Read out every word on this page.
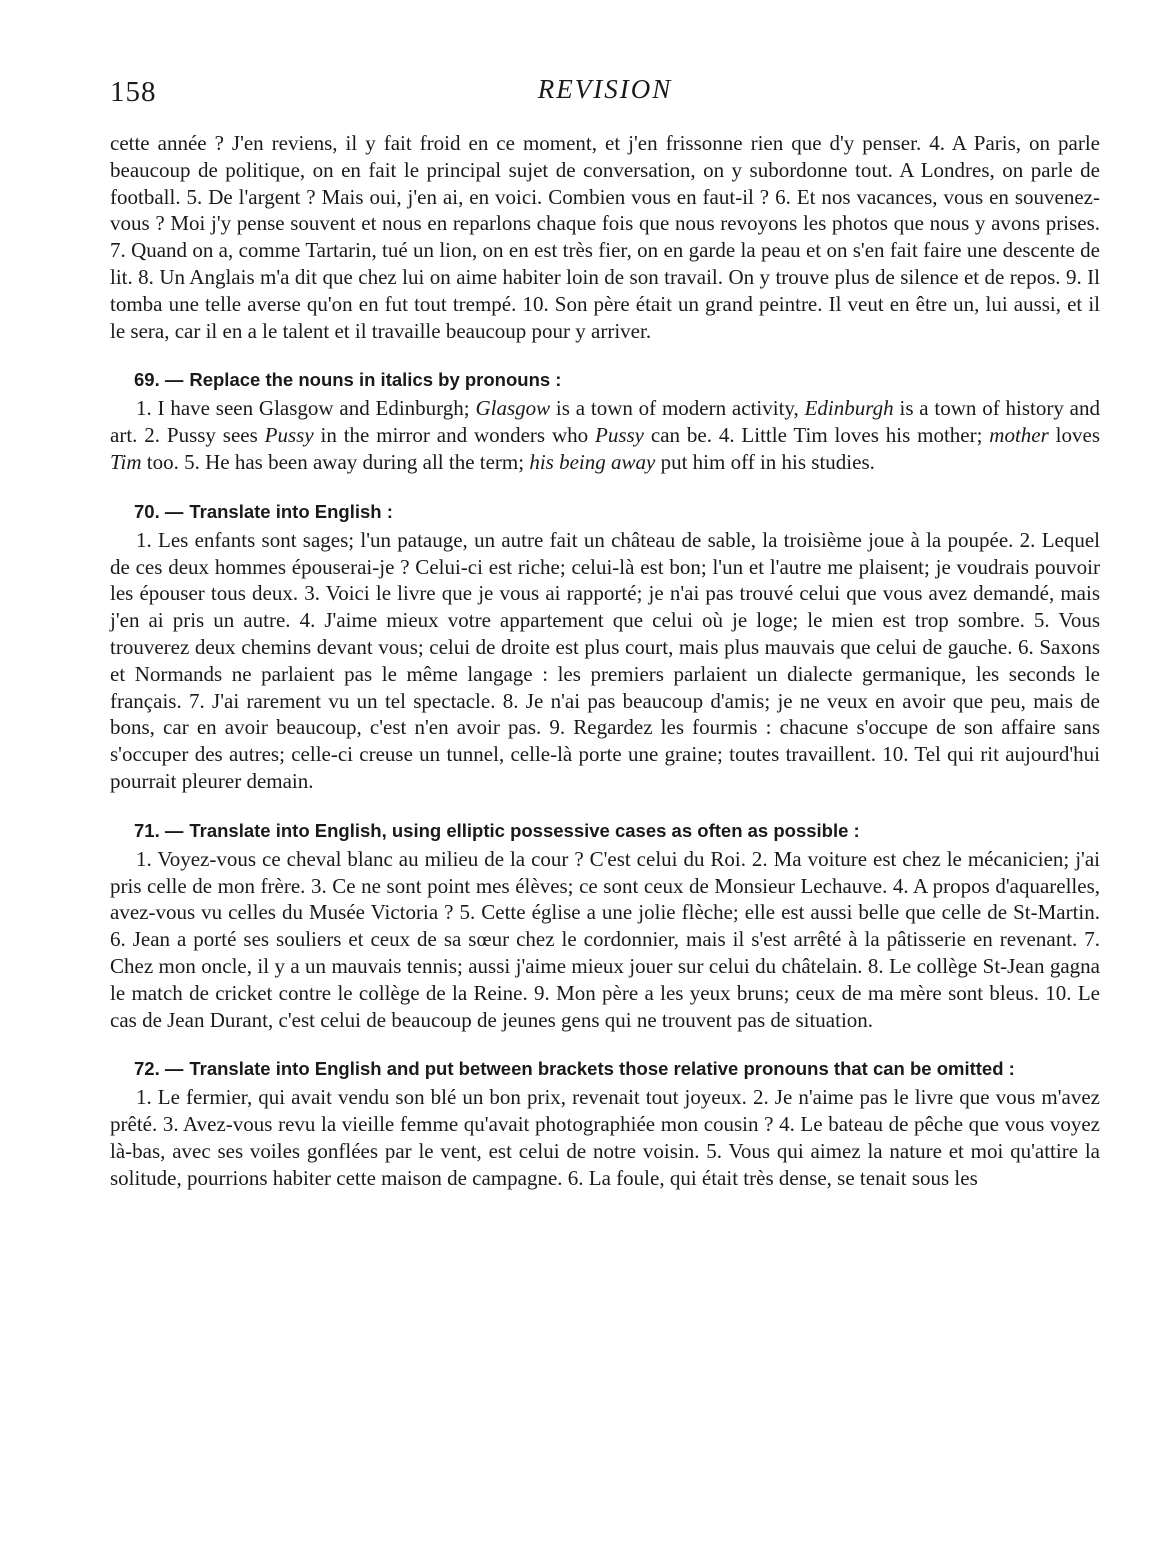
158	REVISION

cette année ? J'en reviens, il y fait froid en ce moment, et j'en frissonne rien que d'y penser. 4. A Paris, on parle beaucoup de politique, on en fait le principal sujet de conversation, on y subordonne tout. A Londres, on parle de football. 5. De l'argent ? Mais oui, j'en ai, en voici. Combien vous en faut-il ? 6. Et nos vacances, vous en souvenez-vous ? Moi j'y pense souvent et nous en reparlons chaque fois que nous revoyons les photos que nous y avons prises. 7. Quand on a, comme Tartarin, tué un lion, on en est très fier, on en garde la peau et on s'en fait faire une descente de lit. 8. Un Anglais m'a dit que chez lui on aime habiter loin de son travail. On y trouve plus de silence et de repos. 9. Il tomba une telle averse qu'on en fut tout trempé. 10. Son père était un grand peintre. Il veut en être un, lui aussi, et il le sera, car il en a le talent et il travaille beaucoup pour y arriver.

69. — Replace the nouns in italics by pronouns :

1. I have seen Glasgow and Edinburgh; Glasgow is a town of modern activity, Edinburgh is a town of history and art. 2. Pussy sees Pussy in the mirror and wonders who Pussy can be. 4. Little Tim loves his mother; mother loves Tim too. 5. He has been away during all the term; his being away put him off in his studies.

70. — Translate into English :

1. Les enfants sont sages; l'un patauge, un autre fait un château de sable, la troisième joue à la poupée. 2. Lequel de ces deux hommes épouserai-je ? Celui-ci est riche; celui-là est bon; l'un et l'autre me plaisent; je voudrais pouvoir les épouser tous deux. 3. Voici le livre que je vous ai rapporté; je n'ai pas trouvé celui que vous avez demandé, mais j'en ai pris un autre. 4. J'aime mieux votre appartement que celui où je loge; le mien est trop sombre. 5. Vous trouverez deux chemins devant vous; celui de droite est plus court, mais plus mauvais que celui de gauche. 6. Saxons et Normands ne parlaient pas le même langage : les premiers parlaient un dialecte germanique, les seconds le français. 7. J'ai rarement vu un tel spectacle. 8. Je n'ai pas beaucoup d'amis; je ne veux en avoir que peu, mais de bons, car en avoir beaucoup, c'est n'en avoir pas. 9. Regardez les fourmis : chacune s'occupe de son affaire sans s'occuper des autres; celle-ci creuse un tunnel, celle-là porte une graine; toutes travaillent. 10. Tel qui rit aujourd'hui pourrait pleurer demain.

71. — Translate into English, using elliptic possessive cases as often as possible :

1. Voyez-vous ce cheval blanc au milieu de la cour ? C'est celui du Roi. 2. Ma voiture est chez le mécanicien; j'ai pris celle de mon frère. 3. Ce ne sont point mes élèves; ce sont ceux de Monsieur Lechauve. 4. A propos d'aquarelles, avez-vous vu celles du Musée Victoria ? 5. Cette église a une jolie flèche; elle est aussi belle que celle de St-Martin. 6. Jean a porté ses souliers et ceux de sa sœur chez le cordonnier, mais il s'est arrêté à la pâtisserie en revenant. 7. Chez mon oncle, il y a un mauvais tennis; aussi j'aime mieux jouer sur celui du châtelain. 8. Le collège St-Jean gagna le match de cricket contre le collège de la Reine. 9. Mon père a les yeux bruns; ceux de ma mère sont bleus. 10. Le cas de Jean Durant, c'est celui de beaucoup de jeunes gens qui ne trouvent pas de situation.

72. — Translate into English and put between brackets those relative pronouns that can be omitted :

1. Le fermier, qui avait vendu son blé un bon prix, revenait tout joyeux. 2. Je n'aime pas le livre que vous m'avez prêté. 3. Avez-vous revu la vieille femme qu'avait photographiée mon cousin ? 4. Le bateau de pêche que vous voyez là-bas, avec ses voiles gonflées par le vent, est celui de notre voisin. 5. Vous qui aimez la nature et moi qu'attire la solitude, pourrions habiter cette maison de campagne. 6. La foule, qui était très dense, se tenait sous les
